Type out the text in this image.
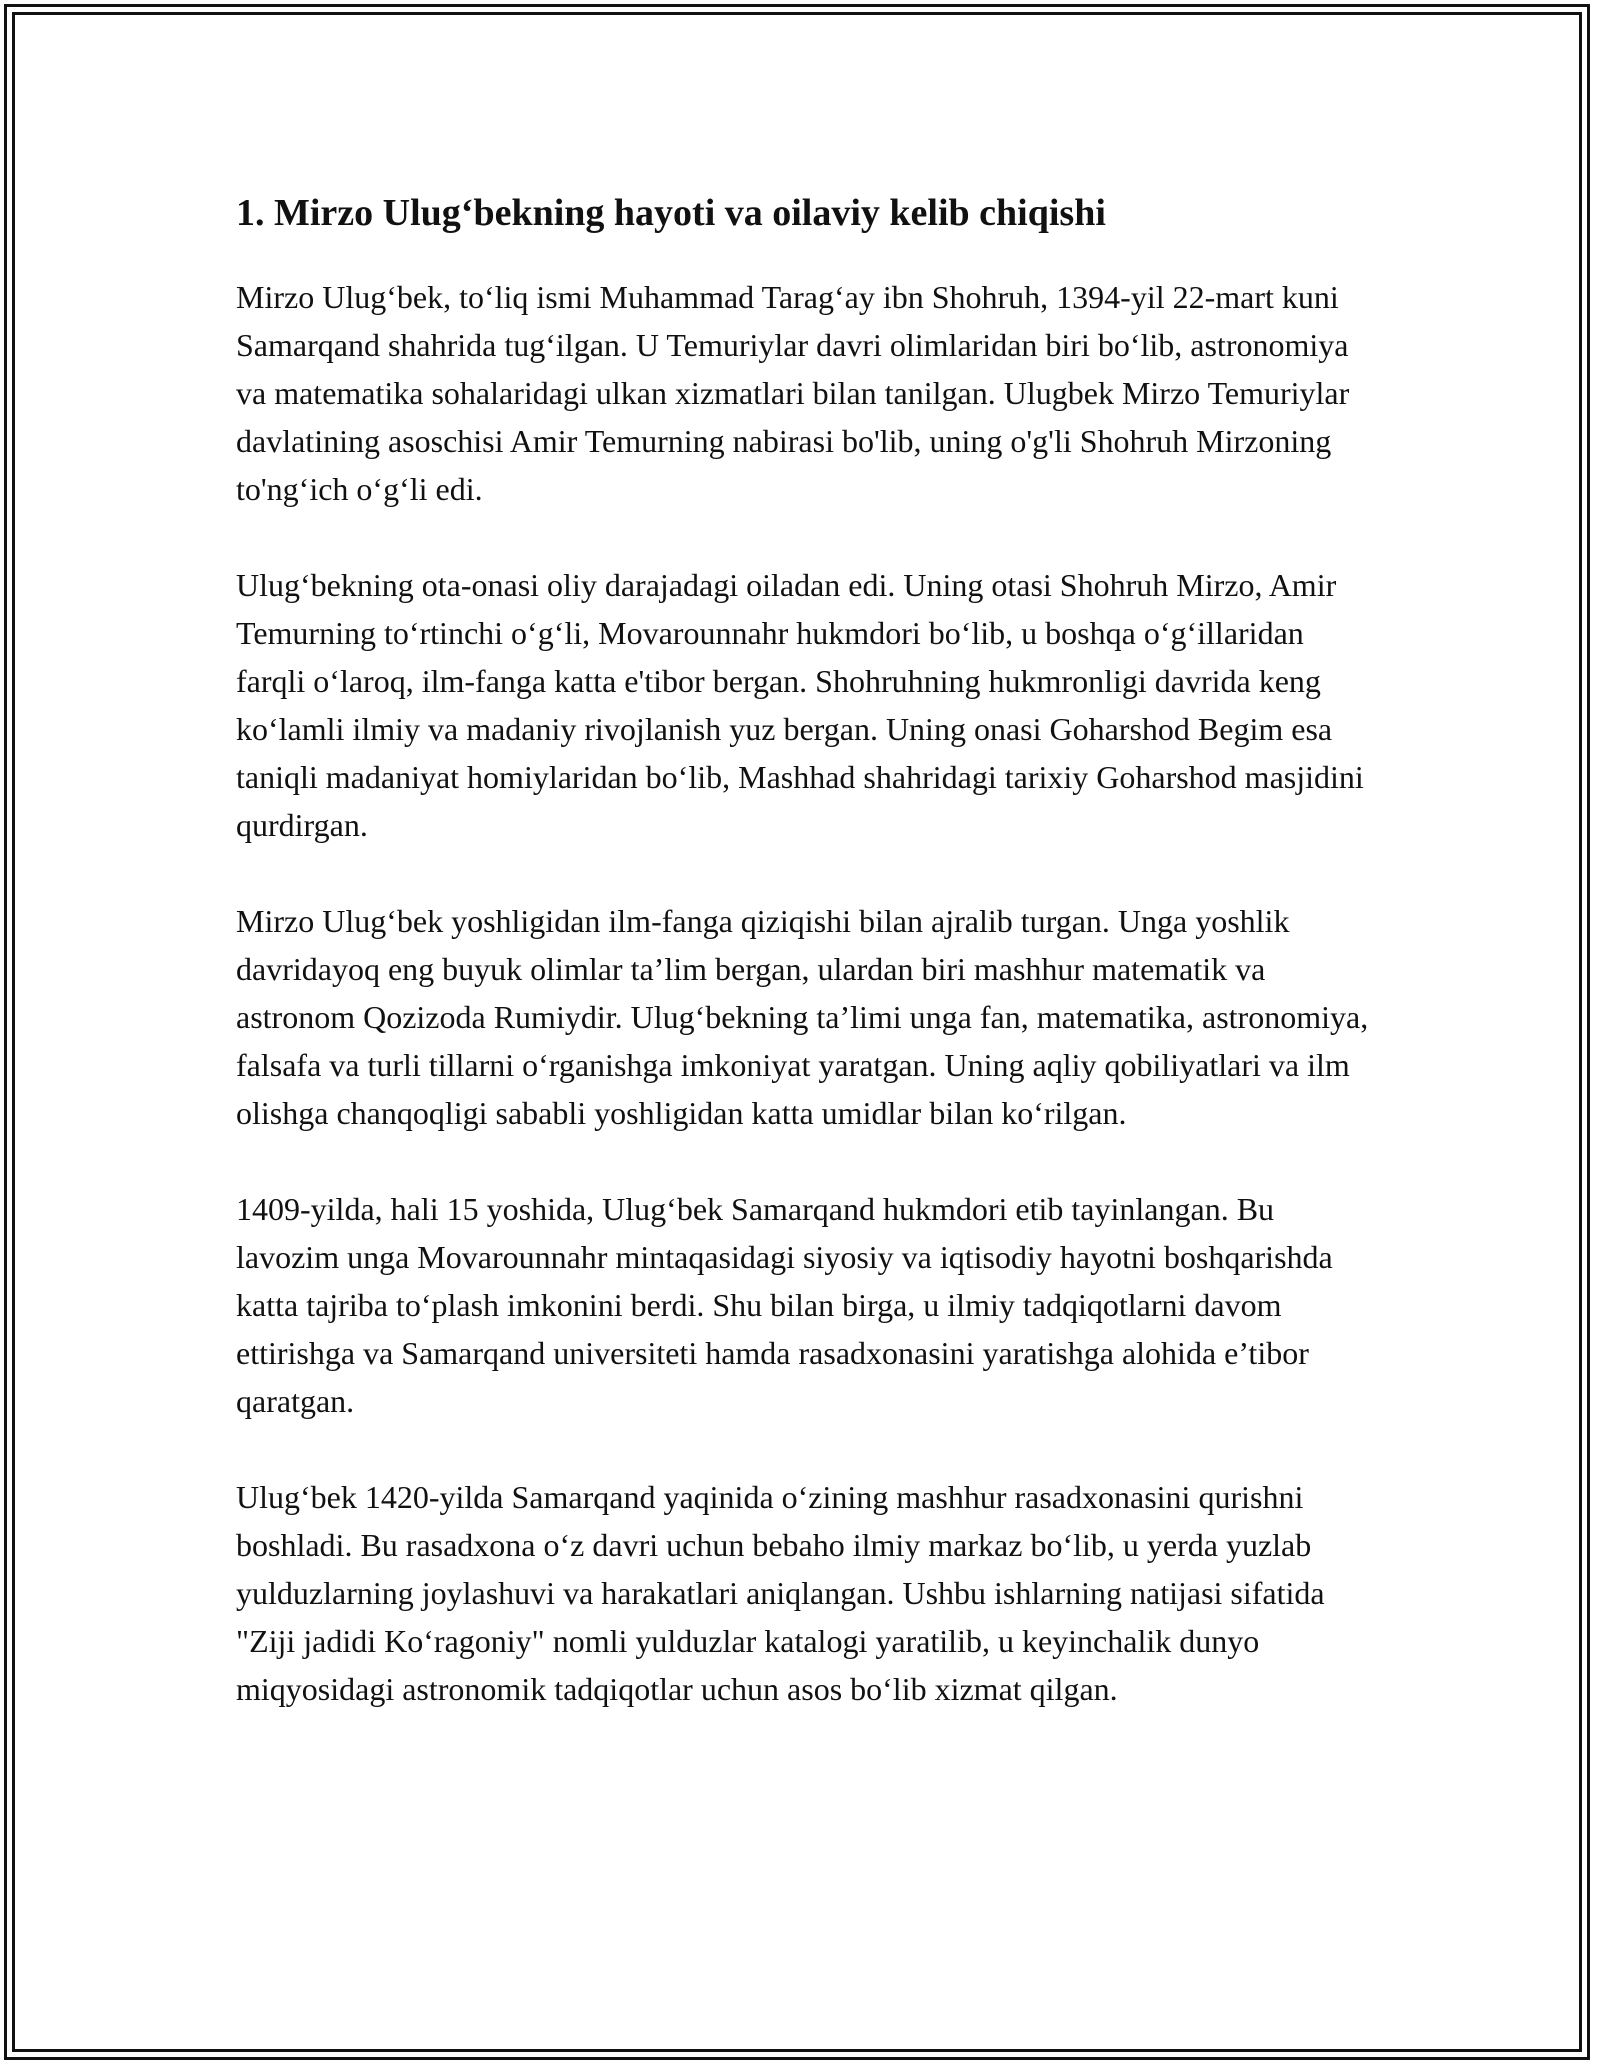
1. Mirzo Ulug‘bekning hayoti va oilaviy kelib chiqishi

Mirzo Ulug‘bek, to‘liq ismi Muhammad Tarag‘ay ibn Shohruh, 1394-yil 22-mart kuni Samarqand shahrida tug‘ilgan. U Temuriylar davri olimlaridan biri bo‘lib, astronomiya va matematika sohalaridagi ulkan xizmatlari bilan tanilgan. Ulugbek Mirzo Temuriylar davlatining asoschisi Amir Temurning nabirasi bo'lib, uning o'g'li Shohruh Mirzoning to'ng‘ich o‘g‘li edi.

Ulug‘bekning ota-onasi oliy darajadagi oiladan edi. Uning otasi Shohruh Mirzo, Amir Temurning to‘rtinchi o‘g‘li, Movarounnahr hukmdori bo‘lib, u boshqa o‘g‘illaridan farqli o‘laroq, ilm-fanga katta e'tibor bergan. Shohruhning hukmronligi davrida keng ko‘lamli ilmiy va madaniy rivojlanish yuz bergan. Uning onasi Goharshod Begim esa taniqli madaniyat homiylaridan bo‘lib, Mashhad shahridagi tarixiy Goharshod masjidini qurdirgan.

Mirzo Ulug‘bek yoshligidan ilm-fanga qiziqishi bilan ajralib turgan. Unga yoshlik davridayoq eng buyuk olimlar ta’lim bergan, ulardan biri mashhur matematik va astronom Qozizoda Rumiydir. Ulug‘bekning ta’limi unga fan, matematika, astronomiya, falsafa va turli tillarni o‘rganishga imkoniyat yaratgan. Uning aqliy qobiliyatlari va ilm olishga chanqoqligi sababli yoshligidan katta umidlar bilan ko‘rilgan.

1409-yilda, hali 15 yoshida, Ulug‘bek Samarqand hukmdori etib tayinlangan. Bu lavozim unga Movarounnahr mintaqasidagi siyosiy va iqtisodiy hayotni boshqarishda katta tajriba to‘plash imkonini berdi. Shu bilan birga, u ilmiy tadqiqotlarni davom ettirishga va Samarqand universiteti hamda rasadxonasini yaratishga alohida e’tibor qaratgan.

Ulug‘bek 1420-yilda Samarqand yaqinida o‘zining mashhur rasadxonasini qurishni boshladi. Bu rasadxona o‘z davri uchun bebaho ilmiy markaz bo‘lib, u yerda yuzlab yulduzlarning joylashuvi va harakatlari aniqlangan. Ushbu ishlarning natijasi sifatida "Ziji jadidi Ko‘ragoniy" nomli yulduzlar katalogi yaratilib, u keyinchalik dunyo miqyosidagi astronomik tadqiqotlar uchun asos bo‘lib xizmat qilgan.
